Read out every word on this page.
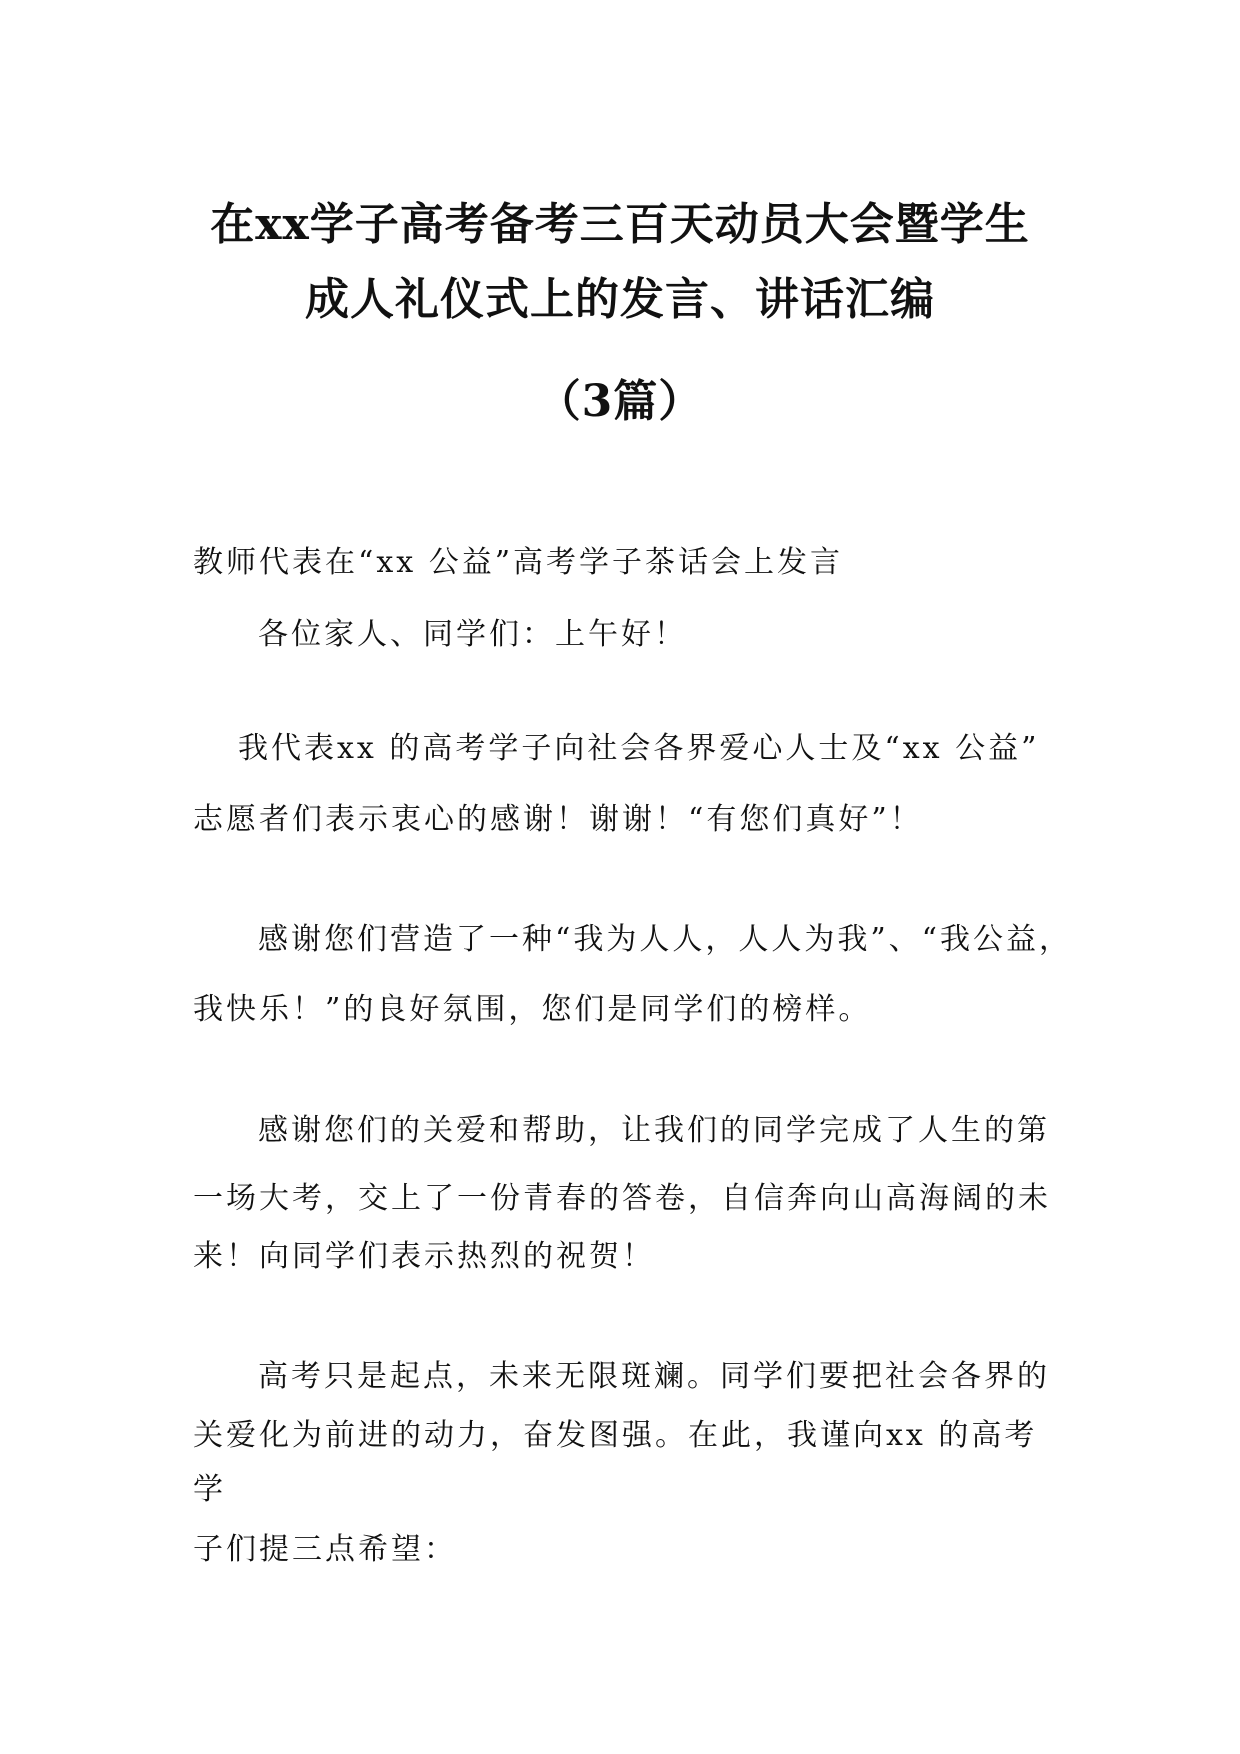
在xx学子高考备考三百天动员大会暨学生
成人礼仪式上的发言、讲话汇编
（3篇）
教师代表在“xx 公益”高考学子茶话会上发言
各位家人、同学们：上午好！
我代表xx 的高考学子向社会各界爱心人士及“xx 公益”
志愿者们表示衷心的感谢！谢谢！“有您们真好”！
感谢您们营造了一种“我为人人，人人为我”、“我公益，
我快乐！”的良好氛围，您们是同学们的榜样。
感谢您们的关爱和帮助，让我们的同学完成了人生的第
一场大考，交上了一份青春的答卷，自信奔向山高海阔的未
来！向同学们表示热烈的祝贺！
高考只是起点，未来无限斑斓。同学们要把社会各界的
关爱化为前进的动力，奋发图强。在此，我谨向xx 的高考
学
子们提三点希望：
